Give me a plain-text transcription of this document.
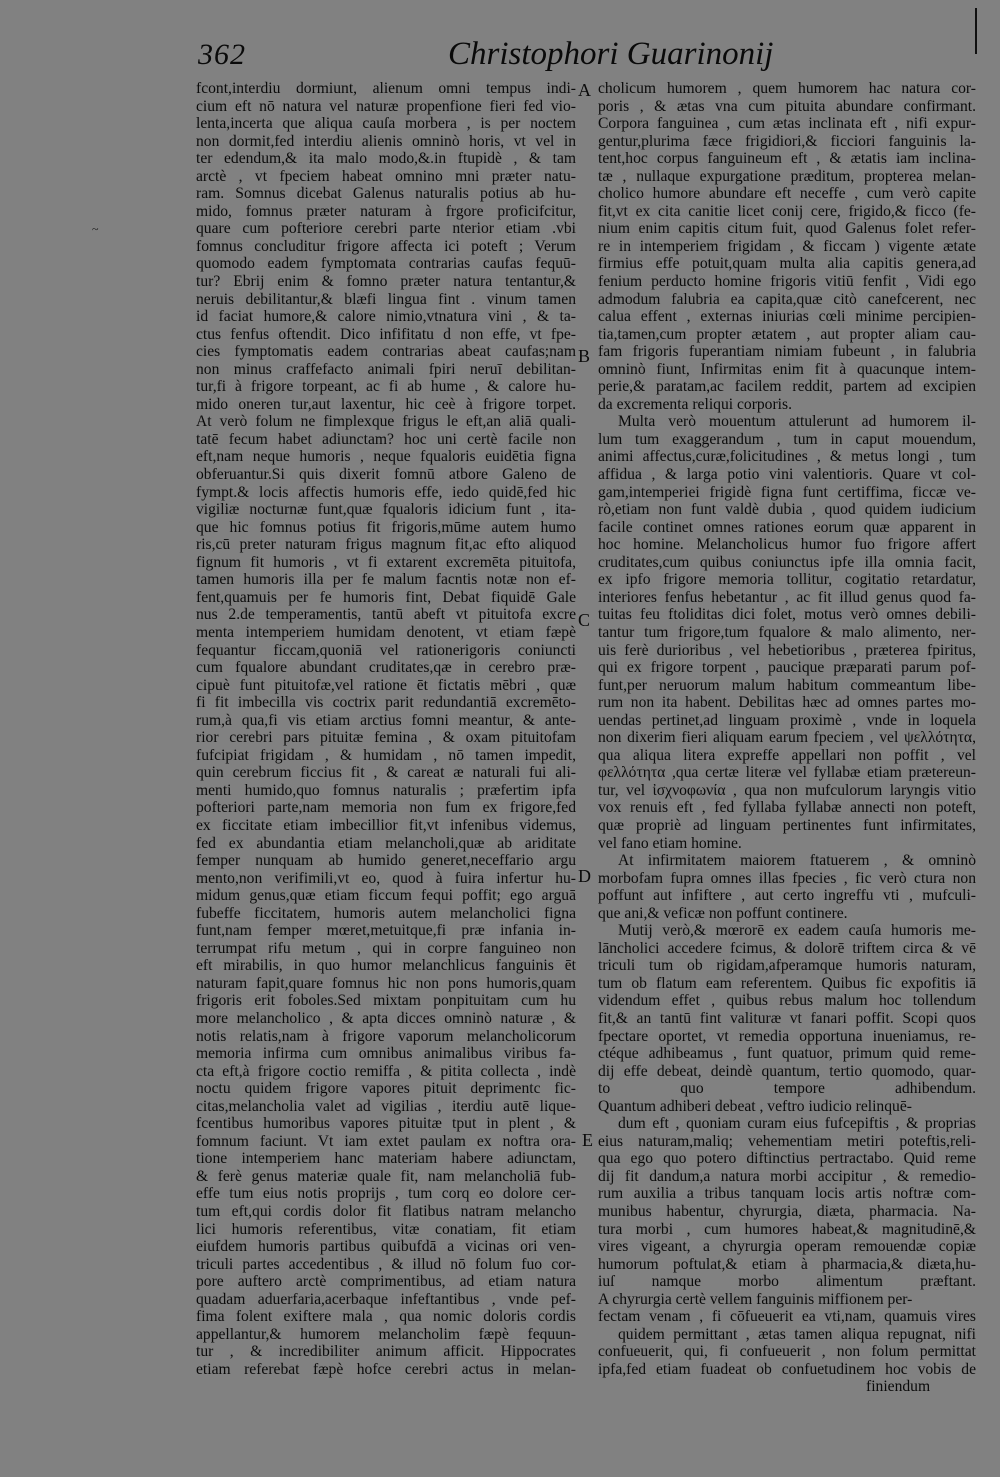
~
362	Christophori Guarinonij
fcont,interdiu dormiunt, alienum omni tempus indi-
cium eft nō natura vel naturæ propenfione fieri fed vio-
lenta,incerta que aliqua cauſa morbera , is per noctem
non dormit,fed interdiu alienis omninò horis, vt vel in
ter edendum,& ita malo modo,&.in ftupidè , & tam
arctè , vt fpeciem habeat omnino mni præter natu-
ram. Somnus dicebat Galenus naturalis potius ab hu-
mido, fomnus præter naturam à frgore proficifcitur,
quare cum pofteriore cerebri parte nterior etiam .vbi
fomnus concluditur frigore affecta ici poteft ; Verum
quomodo eadem fymptomata contrarias caufas fequū-
tur? Ebrij enim & fomno præter natura tentantur,&
neruis debilitantur,& blæfi lingua fint . vinum tamen
id faciat humore,& calore nimio,vtnatura vini , & ta-
ctus fenfus oftendit. Dico infifitatu d non effe, vt fpe-
cies fymptomatis eadem contrarias abeat caufas;nam
non minus craffefacto animali fpiri neruī debilitan-
tur,fi à frigore torpeant, ac fi ab hume , & calore hu-
mido oneren tur,aut laxentur, hic ceè à frigore torpet.
At verò folum ne fimplexque frigus le eft,an aliā quali-
tatē fecum habet adiunctam? hoc uni certè facile non
eft,nam neque humoris , neque fqualoris euidētia figna
obferuantur.Si quis dixerit fomnū atbore Galeno de
fympt.& locis affectis humoris effe, iedo quidē,fed hic
vigiliæ nocturnæ funt,quæ fqualoris idicium funt , ita-
que hic fomnus potius fit frigoris,mūme autem humo
ris,cū preter naturam frigus magnum fit,ac efto aliquod
fignum fit humoris , vt fi extarent excremēta pituitofa,
tamen humoris illa per fe malum facntis notæ non ef-
fent,quamuis per fe humoris fint, Debat fiquidē Gale
nus 2.de temperamentis, tantū abeft vt pituitofa excre
menta intemperiem humidam denotent, vt etiam fæpè
fequantur ficcam,quoniā vel rationerigoris coniuncti
cum fqualore abundant cruditates,qæ in cerebro præ-
cipuè funt pituitofæ,vel ratione ēt fictatis mēbri , quæ
fi fit imbecilla vis coctrix parit redundantiā excremēto-
rum,à qua,fi vis etiam arctius fomni meantur, & ante-
rior cerebri pars pituitæ femina , & oxam pituitofam
fufcipiat frigidam , & humidam , nō tamen impedit,
quin cerebrum ficcius fit , & careat æ naturali fui ali-
menti humido,quo fomnus naturalis ; præfertim ipfa
pofteriori parte,nam memoria non fum ex frigore,fed
ex ficcitate etiam imbecillior fit,vt infenibus videmus,
fed ex abundantia etiam melancholi,quæ ab ariditate
femper nunquam ab humido generet,neceffario argu
mento,non verifimili,vt eo, quod à fuira infertur hu-
midum genus,quæ etiam ficcum fequi poffit; ego arguā
fubeffe ficcitatem, humoris autem melancholici figna
funt,nam femper mœret,metuitque,fi præ infania in-
terrumpat rifu metum , qui in corpre fanguineo non
eft mirabilis, in quo humor melanchlicus fanguinis ēt
naturam fapit,quare fomnus hic non pons humoris,quam
frigoris erit foboles.Sed mixtam ponpituitam cum hu
more melancholico , & apta dicces omninò naturæ , &
notis relatis,nam à frigore vaporum melancholicorum
memoria infirma cum omnibus animalibus viribus fa-
cta eft,à frigore coctio remiffa , & pitita collecta , indè
noctu quidem frigore vapores pituit deprimentc fic-
citas,melancholia valet ad vigilias , iterdiu autē lique-
fcentibus humoribus vapores pituitæ tput in plent , &
fomnum faciunt. Vt iam extet paulam ex noftra ora-
tione intemperiem hanc materiam habere adiunctam,
& ferè genus materiæ quale fit, nam melancholiā fub-
effe tum eius notis proprijs , tum corq eo dolore cer-
tum eft,qui cordis dolor fit flatibus natram melancho
lici humoris referentibus, vitæ conatiam, fit etiam
eiufdem humoris partibus quibufdā a vicinas ori ven-
triculi partes accedentibus , & illud nō folum fuo cor-
pore auftero arctè comprimentibus, ad etiam natura
quadam aduerfaria,acerbaque infeftantibus , vnde pef-
fima folent exiftere mala , qua nomic doloris cordis
appellantur,& humorem melancholim fæpè fequun-
tur , & incredibiliter animum afficit. Hippocrates
etiam referebat fæpè hofce cerebri actus in melan-
cholicum humorem , quem humorem hac natura cor-
poris , & ætas vna cum pituita abundare confirmant.
Corpora fanguinea , cum ætas inclinata eft , nifi expur-
gentur,plurima fæce frigidiori,& ficciori fanguinis la-
tent,hoc corpus fanguineum eft , & ætatis iam inclina-
tæ , nullaque expurgatione præditum, propterea melan-
cholico humore abundare eft neceffe , cum verò capite
fit,vt ex cita canitie licet conij cere, frigido,& ficco (fe-
nium enim capitis citum fuit, quod Galenus folet refer-
re in intemperiem frigidam , & ficcam ) vigente ætate
firmius effe potuit,quam multa alia capitis genera,ad
fenium perducto homine frigoris vitiū fenfit , Vidi ego
admodum falubria ea capita,quæ citò canefcerent, nec
calua effent , externas iniurias cœli minime percipien-
tia,tamen,cum propter ætatem , aut propter aliam cau-
fam frigoris fuperantiam nimiam fubeunt , in falubria
omninò fiunt, Infirmitas enim fit à quacunque intem-
perie,& paratam,ac facilem reddit, partem ad excipien
da excrementa reliqui corporis.
Multa verò mouentum attulerunt ad humorem il-
lum tum exaggerandum , tum in caput mouendum,
animi affectus,curæ,folicitudines , & metus longi , tum
affidua , & larga potio vini valentioris. Quare vt col-
gam,intemperiei frigidè figna funt certiffima, ficcæ ve-
rò,etiam non funt valdè dubia , quod quidem iudicium
facile continet omnes rationes eorum quæ apparent in
hoc homine. Melancholicus humor fuo frigore affert
cruditates,cum quibus coniunctus ipfe illa omnia facit,
ex ipfo frigore memoria tollitur, cogitatio retardatur,
interiores fenfus hebetantur , ac fit illud genus quod fa-
tuitas feu ftoliditas dici folet, motus verò omnes debili-
tantur tum frigore,tum fqualore & malo alimento, ner-
uis ferè durioribus , vel hebetioribus , præterea fpiritus,
qui ex frigore torpent , paucique præparati parum pof-
funt,per neruorum malum habitum commeantum libe-
rum non ita habent. Debilitas hæc ad omnes partes mo-
uendas pertinet,ad linguam proximè , vnde in loquela
non dixerim fieri aliquam earum fpeciem , vel ψελλότητα,
qua aliqua litera expreffe appellari non poffit , vel
φελλότητα ,qua certæ literæ vel fyllabæ etiam prætereun-
tur, vel ἰσχνοφωνία , qua non mufculorum laryngis vitio
vox renuis eft , fed fyllaba fyllabæ annecti non poteft,
quæ propriè ad linguam pertinentes funt infirmitates,
vel fano etiam homine.
At infirmitatem maiorem ftatuerem , & omninò
morbofam fupra omnes illas fpecies , fic verò ctura non
poffunt aut infiftere , aut certo ingreffu vti , mufculi-
que ani,& veficæ non poffunt continere.
Mutij verò,& mœrorē ex eadem cauſa humoris me-
lāncholici accedere fcimus, & dolorē triftem circa & vē
triculi tum ob rigidam,afperamque humoris naturam,
tum ob flatum eam referentem. Quibus fic expofitis iā
videndum effet , quibus rebus malum hoc tollendum
fit,& an tantū fint valituræ vt fanari poffit. Scopi quos
fpectare oportet, vt remedia opportuna inueniamus, re-
ctéque adhibeamus , funt quatuor, primum quid reme-
dij effe debeat, deindè quantum, tertio quomodo, quar-
to quo tempore adhibendum.
Quantum adhiberi debeat , veftro iudicio relinquē-
dum eft , quoniam curam eius fufcepiftis , & proprias
eius naturam,maliq; vehementiam metiri poteftis,reli-
qua ego quo potero diftinctius pertractabo. Quid reme
dij fit dandum,a natura morbi accipitur , & remedio-
rum auxilia a tribus tanquam locis artis noftræ com-
munibus habentur, chyrurgia, diæta, pharmacia. Na-
tura morbi , cum humores habeat,& magnitudinē,&
vires vigeant, a chyrurgia operam remouendæ copiæ
humorum poftulat,& etiam à pharmacia,& diæta,hu-
iuſ namque morbo alimentum præftant.
A chyrurgia certè vellem fanguinis miffionem per-
fectam venam , fi cōfueuerit ea vti,nam, quamuis vires
quidem permittant , ætas tamen aliqua repugnat, nifi
confueuerit, qui, fi confueuerit , non folum permittat
ipfa,fed etiam fuadeat ob confuetudinem hoc vobis de
finiendum
A
B
C
D
E
